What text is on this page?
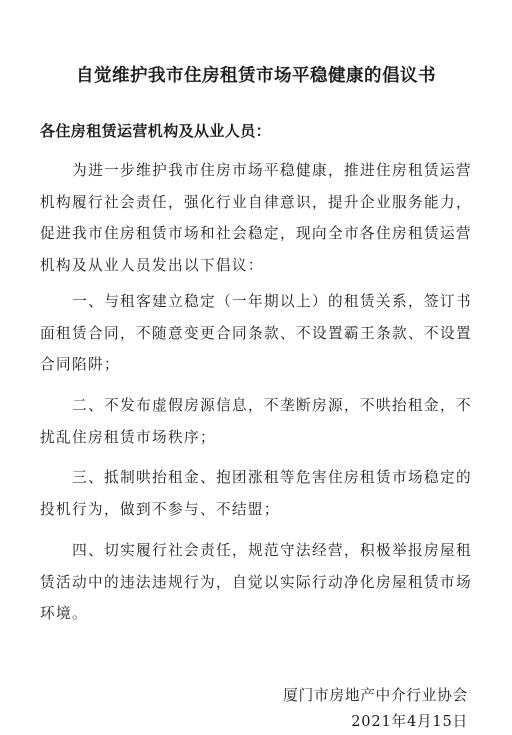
自觉维护我市住房租赁市场平稳健康的倡议书
各住房租赁运营机构及从业人员：

为进一步维护我市住房市场平稳健康，推进住房租赁运营机构履行社会责任，强化行业自律意识，提升企业服务能力，促进我市住房租赁市场和社会稳定，现向全市各住房租赁运营机构及从业人员发出以下倡议：

一、与租客建立稳定（一年期以上）的租赁关系，签订书面租赁合同，不随意变更合同条款、不设置霸王条款、不设置合同陷阱；

二、不发布虚假房源信息，不垄断房源，不哄抬租金，不扰乱住房租赁市场秩序；

三、抵制哄抬租金、抱团涨租等危害住房租赁市场稳定的投机行为，做到不参与、不结盟；

四、切实履行社会责任，规范守法经营，积极举报房屋租赁活动中的违法违规行为，自觉以实际行动净化房屋租赁市场环境。

厦门市房地产中介行业协会
2021年4月15日
